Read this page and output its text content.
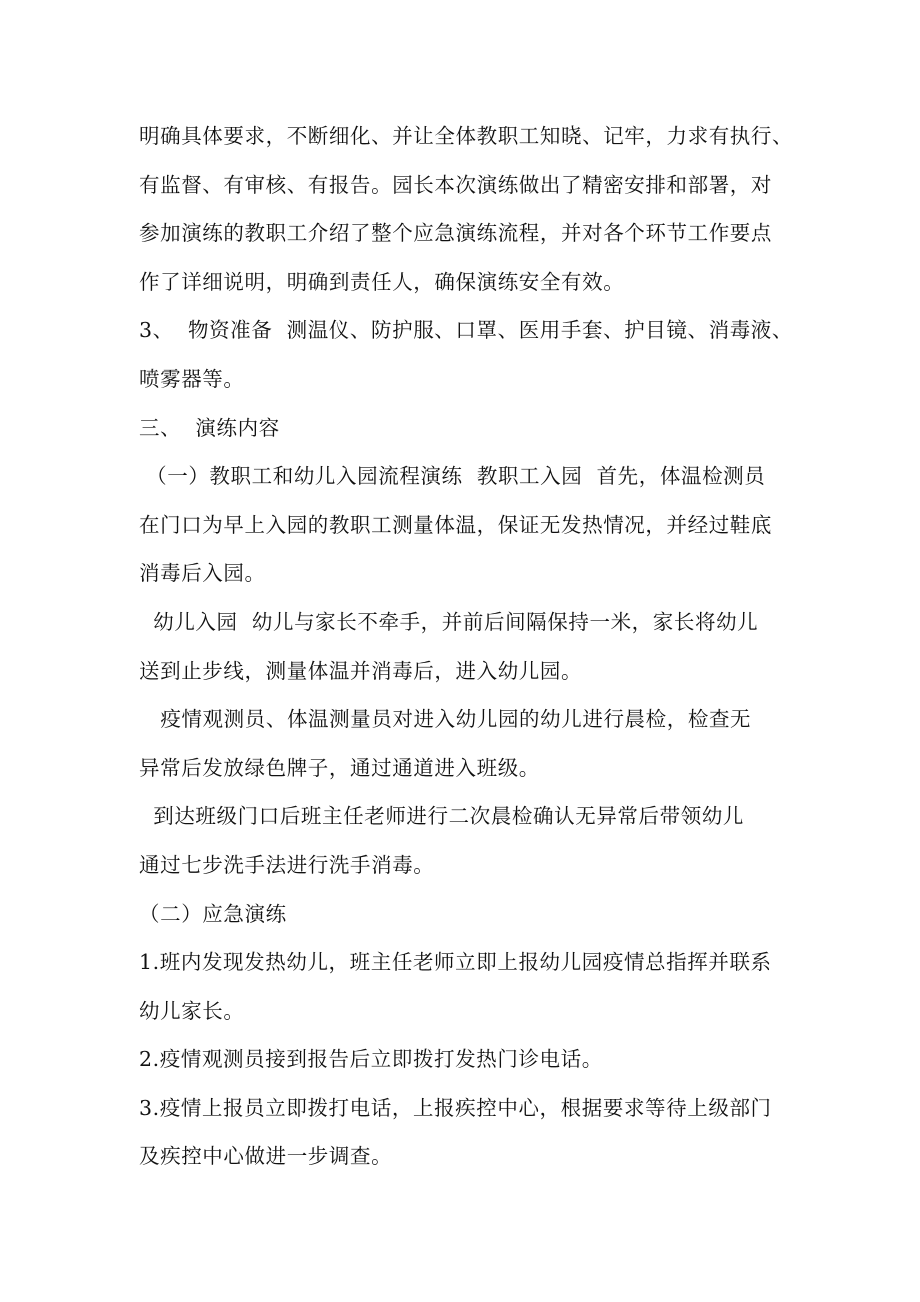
明确具体要求，不断细化、并让全体教职工知晓、记牢，力求有执行、
有监督、有审核、有报告。园长本次演练做出了精密安排和部署，对
参加演练的教职工介绍了整个应急演练流程，并对各个环节工作要点
作了详细说明，明确到责任人，确保演练安全有效。
3、  物资准备  测温仪、防护服、口罩、医用手套、护目镜、消毒液、
喷雾器等。
三、  演练内容
（一）教职工和幼儿入园流程演练  教职工入园  首先，体温检测员
在门口为早上入园的教职工测量体温，保证无发热情况，并经过鞋底
消毒后入园。
幼儿入园  幼儿与家长不牵手，并前后间隔保持一米，家长将幼儿
送到止步线，测量体温并消毒后，进入幼儿园。
疫情观测员、体温测量员对进入幼儿园的幼儿进行晨检，检查无
异常后发放绿色牌子，通过通道进入班级。
到达班级门口后班主任老师进行二次晨检确认无异常后带领幼儿
通过七步洗手法进行洗手消毒。
（二）应急演练
1.班内发现发热幼儿，班主任老师立即上报幼儿园疫情总指挥并联系
幼儿家长。
2.疫情观测员接到报告后立即拨打发热门诊电话。
3.疫情上报员立即拨打电话，上报疾控中心，根据要求等待上级部门
及疾控中心做进一步调查。
